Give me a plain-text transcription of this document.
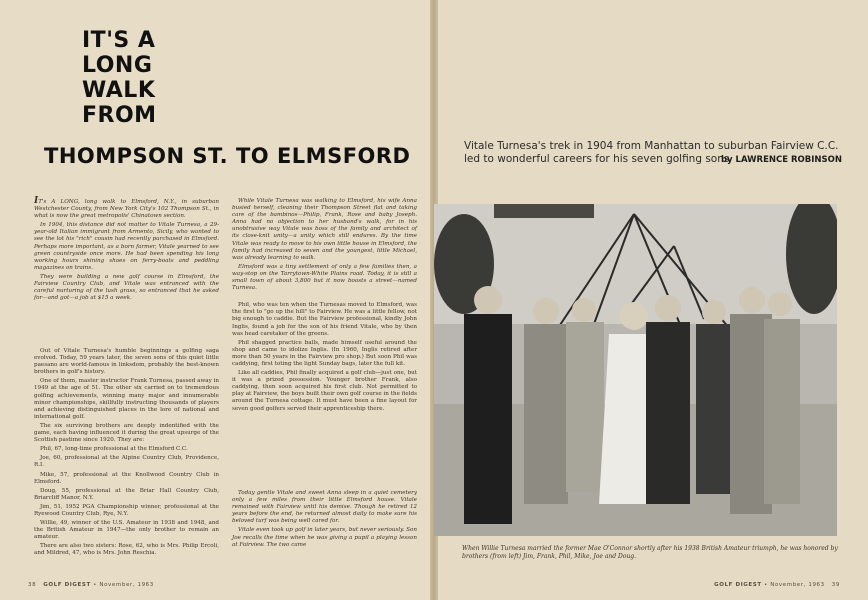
IT'S A
LONG
WALK
FROM
THOMPSON ST. TO ELMSFORD	Vitale Turnesa's trek in 1904 from Manhattan to suburban Fairview C.C. led to wonderful careers for his seven golfing sons
by LAWRENCE ROBINSON

IT's A LONG, long walk to Elmsford, N.Y., in suburban Westchester County, from New York City's 102 Thompson St., in what is now the great metropolis' Chinatown section.

In 1904, this distance did not matter to Vitale Turnesa, a 29-year-old Italian immigrant from Armento, Sicily, who wanted to see the lot his "rich" cousin had recently purchased in Elmsford. Perhaps more important, as a born farmer, Vitale yearned to see green countryside once more. He had been spending his long working hours shining shoes on ferry-boats and peddling magazines on trains.

They were building a new golf course in Elmsford, the Fairview Country Club, and Vitale was entranced with the careful nurturing of the lush grass, so entranced that he asked for—and got—a job at $15 a week.

Out of Vitale Turnesa's humble beginnings a golfing saga evolved. Today, 59 years later, the seven sons of this quiet little paesano are world-famous in linksdom, probably the best-known brothers in golf's history.

One of them, master instructor Frank Turnesa, passed away in 1949 at the age of 51. The other six carried on to tremendous golfing achievements, winning many major and innumerable minor championships, skillfully instructing thousands of players and achieving distinguished places in the lore of national and international golf.

The six surviving brothers are deeply indentified with the game, each having influenced it during the great upsurge of the Scottish pastime since 1920. They are:

Phil, 67, long-time professional at the Elmsford C.C.

Joe, 60, professional at the Alpine Country Club, Providence, R.I.

Mike, 57, professional at the Knollwood Country Club in Elmsford.

Doug, 55, professional at the Briar Hall Country Club, Briarcliff Manor, N.Y.

Jim, 51, 1952 PGA Championship winner, professional at the Ryewood Country Club, Rye, N.Y.

Willie, 49, winner of the U.S. Amateur in 1938 and 1948, and the British Amateur in 1947—the only brother to remain an amateur.

There are also two sisters: Rose, 62, who is Mrs. Philip Ercoli, and Mildred, 47, who is Mrs. John Reschia.

While Vitale Turnesa was walking to Elmsford, his wife Anna busied herself, cleaning their Thompson Street flat and taking care of the bambinos—Philip, Frank, Rose and baby Joseph. Anna had no objection to her husband's walk, for in his unobtrusive way Vitale was boss of the family and architect of its close-knit unity—a unity which still endures. By the time Vitale was ready to move to his own little house in Elmsford, the family had increased to seven and the youngest, little Michael, was already learning to walk.

Elmsford was a tiny settlement of only a few families then, a way-stop on the Tarrytown-White Plains road. Today, it is still a small town of about 3,800 but it now boasts a street—named Turnesa.

Phil, who was ten when the Turnesas moved to Elmsford, was the first to "go up the hill" to Fairview. He was a little fellow, not big enough to caddie. But the Fairview professional, kindly John Inglis, found a job for the son of his friend Vitale, who by then was head caretaker of the greens.

Phil shagged practice balls, made himself useful around the shop and came to idolize Inglis. (In 1960, Inglis retired after more than 50 years in the Fairview pro shop.) But soon Phil was caddying, first toting the light Sunday bags, later the full kit.

Like all caddies, Phil finally acquired a golf club—just one, but it was a prized possession. Younger brother Frank, also caddying, then soon acquired his first club. Not permitted to play at Fairview, the boys built their own golf course in the fields around the Turnesa cottage. It must have been a fine layout for seven good golfers served their apprenticeship there.

Today gentle Vitale and sweet Anna sleep in a quiet cemetery only a few miles from their little Elmsford house. Vitale remained with Fairview until his demise. Though he retired 12 years before the end, he returned almost daily to make sure his beloved turf was being well cared for.

Vitale even took up golf in later years, but never seriously. Son Joe recalls the time when he was giving a pupil a playing lesson at Fairview. The two came

When Willie Turnesa married the former Mae O'Connor shortly after his 1938 British Amateur triumph, he was honored by brothers (from left) Jim, Frank, Phil, Mike, Joe and Doug.
38 GOLF DIGEST • November, 1963	GOLF DIGEST • November, 1963 39
